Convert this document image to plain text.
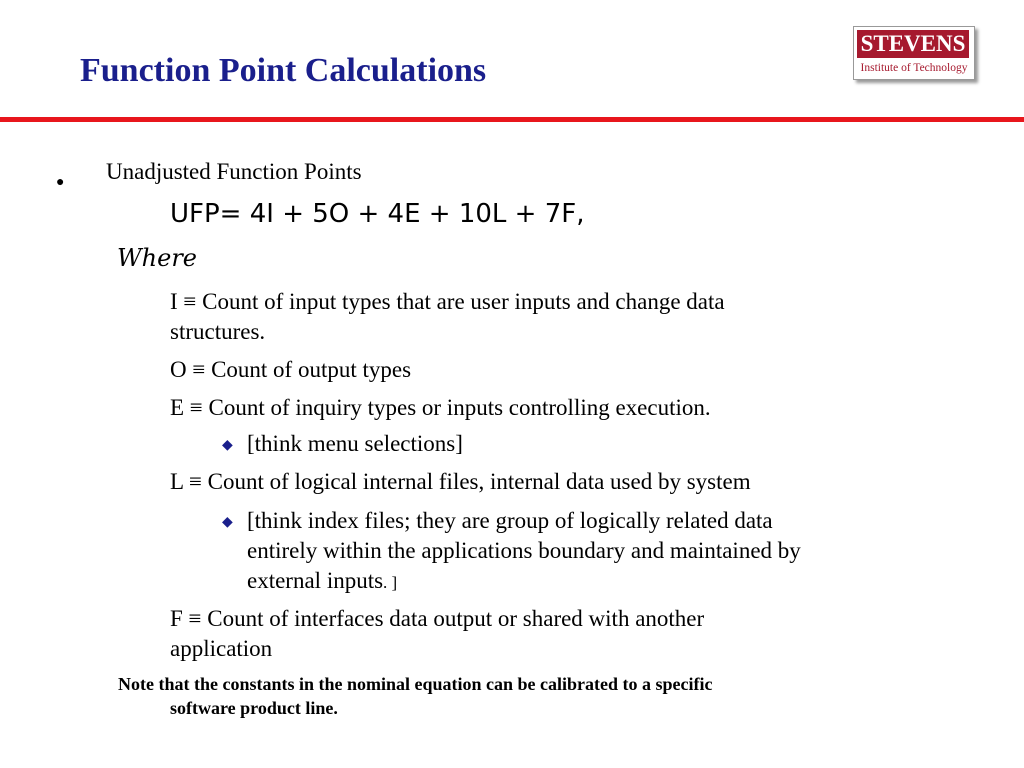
Function Point Calculations
STEVENS
Institute of Technology
● Unadjusted Function Points
UFP= 4I + 5O + 4E + 10L + 7F,
Where
I ≡ Count of input types that are user inputs and change data
structures.
O ≡ Count of output types
E ≡ Count of inquiry types or inputs controlling execution.
◆ [think menu selections]
L ≡ Count of logical internal files, internal data used by system
◆ [think index files; they are group of logically related data
entirely within the applications boundary and maintained by
external inputs. ]
F ≡ Count of interfaces data output or shared with another
application
Note that the constants in the nominal equation can be calibrated to a specific
software product line.
